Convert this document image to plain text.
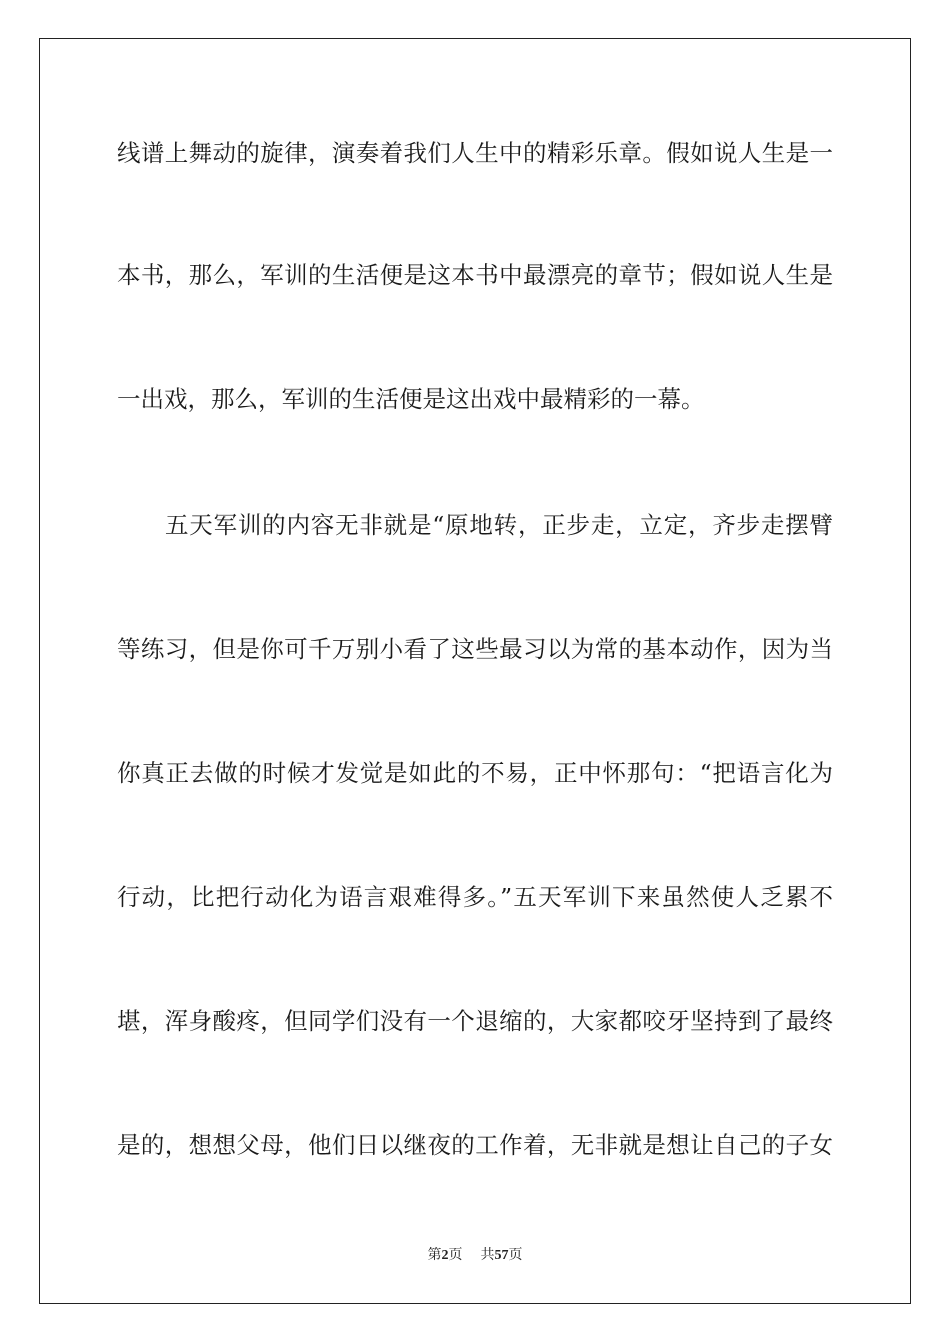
线谱上舞动的旋律，演奏着我们人生中的精彩乐章。假如说人生是一
本书，那么，军训的生活便是这本书中最漂亮的章节；假如说人生是
一出戏，那么，军训的生活便是这出戏中最精彩的一幕。
五天军训的内容无非就是“原地转，正步走，立定，齐步走摆臂
等练习，但是你可千万别小看了这些最习以为常的基本动作，因为当
你真正去做的时候才发觉是如此的不易，正中怀那句：“把语言化为
行动，比把行动化为语言艰难得多。”五天军训下来虽然使人乏累不
堪，浑身酸疼，但同学们没有一个退缩的，大家都咬牙坚持到了最终
是的，想想父母，他们日以继夜的工作着，无非就是想让自己的子女
第2页 共57页
